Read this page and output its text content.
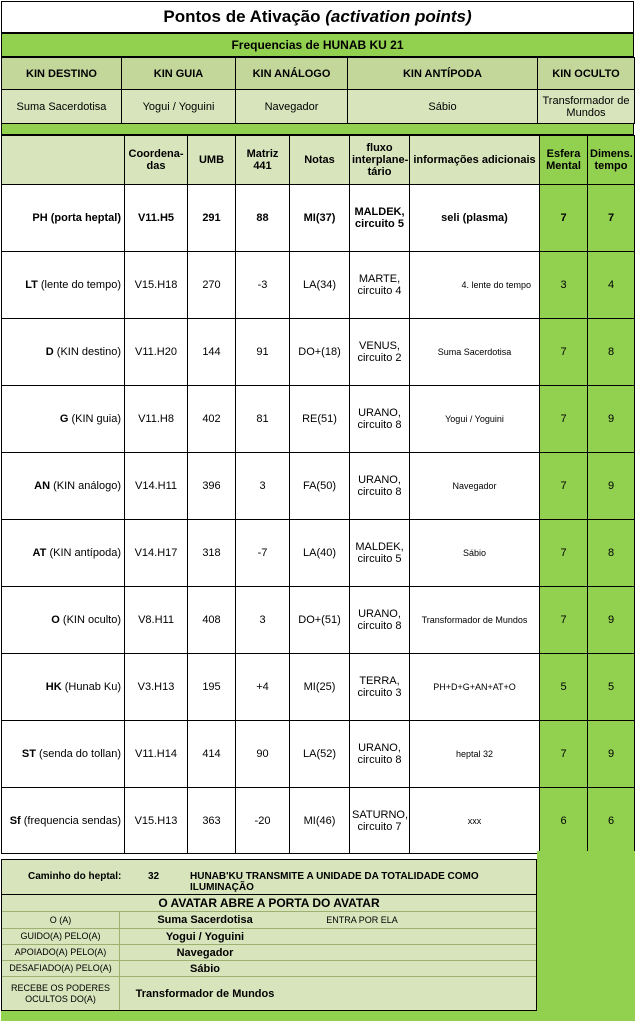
Pontos de Ativação
(activation points)
Frequencias de HUNAB KU 21
KIN DESTINO	KIN GUIA	KIN ANÁLOGO	KIN ANTÍPODA	KIN OCULTO
Suma Sacerdotisa	Yogui / Yoguini	Navegador	Sábio	Transformador de Mundos
	Coordena-das	UMB	Matriz 441	Notas	fluxo interplane-tário	informações adicionais	Esfera Mental	Dimens. tempo
PH (porta heptal)	V11.H5	291	88	MI(37)	MALDEK, circuito 5	seli (plasma)	7	7
LT (lente do tempo)	V15.H18	270	-3	LA(34)	MARTE, circuito 4	4. lente do tempo	3	4
D (KIN destino)	V11.H20	144	91	DO+(18)	VENUS, circuito 2	Suma Sacerdotisa	7	8
G (KIN guia)	V11.H8	402	81	RE(51)	URANO, circuito 8	Yogui / Yoguini	7	9
AN (KIN análogo)	V14.H11	396	3	FA(50)	URANO, circuito 8	Navegador	7	9
AT (KIN antípoda)	V14.H17	318	-7	LA(40)	MALDEK, circuito 5	Sábio	7	8
O (KIN oculto)	V8.H11	408	3	DO+(51)	URANO, circuito 8	Transformador de Mundos	7	9
HK (Hunab Ku)	V3.H13	195	+4	MI(25)	TERRA, circuito 3	PH+D+G+AN+AT+O	5	5
ST (senda do tollan)	V11.H14	414	90	LA(52)	URANO, circuito 8	heptal 32	7	9
Sf (frequencia sendas)	V15.H13	363	-20	MI(46)	SATURNO, circuito 7	xxx	6	6
Caminho do heptal:	32	HUNAB'KU TRANSMITE A UNIDADE DA TOTALIDADE COMO ILUMINAÇÃO
O AVATAR ABRE A PORTA DO AVATAR
O (A)	Suma Sacerdotisa	ENTRA POR ELA
GUIDO(A) PELO(A)	Yogui / Yoguini
APOIADO(A) PELO(A)	Navegador
DESAFIADO(A) PELO(A)	Sábio
RECEBE OS PODERES OCULTOS DO(A)	Transformador de Mundos
